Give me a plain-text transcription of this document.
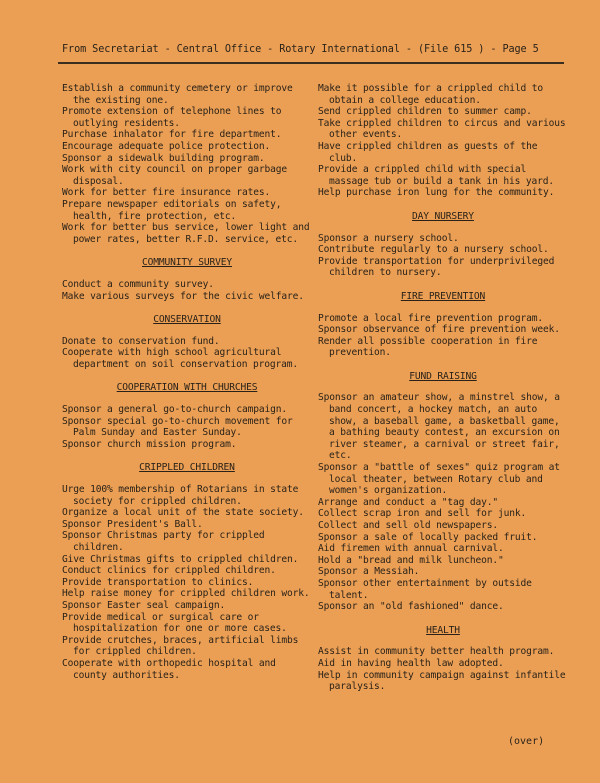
From Secretariat - Central Office - Rotary International - (File 615 ) - Page 5

Establish a community cemetery or improve the existing one.

Promote extension of telephone lines to outlying residents.

Purchase inhalator for fire department.

Encourage adequate police protection.

Sponsor a sidewalk building program.

Work with city council on proper garbage disposal.

Work for better fire insurance rates.

Prepare newspaper editorials on safety, health, fire protection, etc.

Work for better bus service, lower light and power rates, better R.F.D. service, etc.

COMMUNITY SURVEY

Conduct a community survey.

Make various surveys for the civic welfare.

CONSERVATION

Donate to conservation fund.

Cooperate with high school agricultural department on soil conservation program.

COOPERATION WITH CHURCHES

Sponsor a general go-to-church campaign.

Sponsor special go-to-church movement for Palm Sunday and Easter Sunday.

Sponsor church mission program.

CRIPPLED CHILDREN

Urge 100% membership of Rotarians in state society for crippled children.

Organize a local unit of the state society.

Sponsor President's Ball.

Sponsor Christmas party for crippled children.

Give Christmas gifts to crippled children.

Conduct clinics for crippled children.

Provide transportation to clinics.

Help raise money for crippled children work.

Sponsor Easter seal campaign.

Provide medical or surgical care or hospitalization for one or more cases.

Provide crutches, braces, artificial limbs for crippled children.

Cooperate with orthopedic hospital and county authorities.

Make it possible for a crippled child to obtain a college education.

Send crippled children to summer camp.

Take crippled children to circus and various other events.

Have crippled children as guests of the club.

Provide a crippled child with special massage tub or build a tank in his yard.

Help purchase iron lung for the community.

DAY NURSERY

Sponsor a nursery school.

Contribute regularly to a nursery school.

Provide transportation for underprivileged children to nursery.

FIRE PREVENTION

Promote a local fire prevention program.

Sponsor observance of fire prevention week.

Render all possible cooperation in fire prevention.

FUND RAISING

Sponsor an amateur show, a minstrel show, a band concert, a hockey match, an auto show, a baseball game, a basketball game, a bathing beauty contest, an excursion on river steamer, a carnival or street fair, etc.

Sponsor a "battle of sexes" quiz program at local theater, between Rotary club and women's organization.

Arrange and conduct a "tag day."

Collect scrap iron and sell for junk.

Collect and sell old newspapers.

Sponsor a sale of locally packed fruit.

Aid firemen with annual carnival.

Hold a "bread and milk luncheon."

Sponsor a Messiah.

Sponsor other entertainment by outside talent.

Sponsor an "old fashioned" dance.

HEALTH

Assist in community better health program.

Aid in having health law adopted.

Help in community campaign against infantile paralysis.

(over)
